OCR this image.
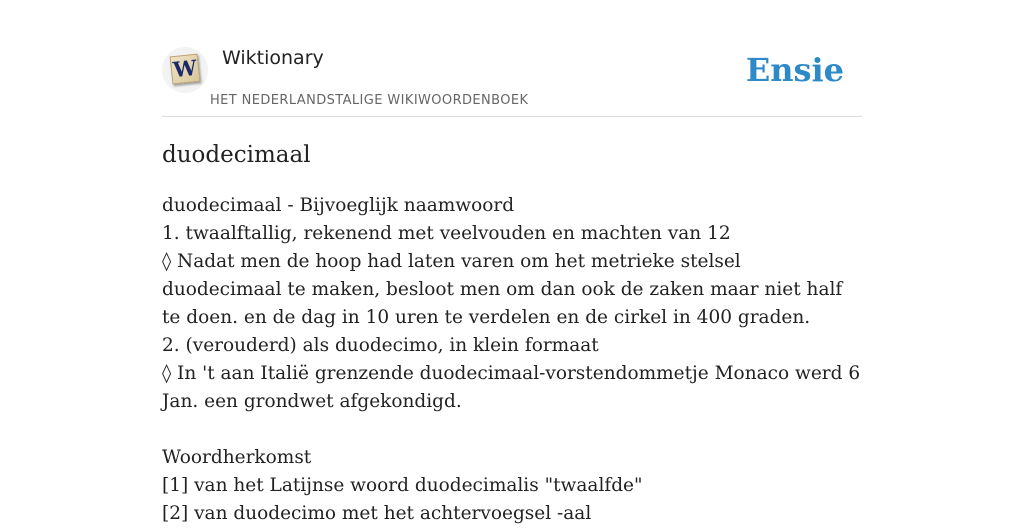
W Wiktionary
HET NEDERLANDSTALIGE WIKIWOORDENBOEK
Ensie
duodecimaal

duodecimaal - Bijvoeglijk naamwoord

1. twaalftallig, rekenend met veelvouden en machten van 12

◊ Nadat men de hoop had laten varen om het metrieke stelsel duodecimaal te maken, besloot men om dan ook de zaken maar niet half te doen. en de dag in 10 uren te verdelen en de cirkel in 400 graden.

2. (verouderd) als duodecimo, in klein formaat

◊ In 't aan Italië grenzende duodecimaal-vorstendommetje Monaco werd 6 Jan. een grondwet afgekondigd.

Woordherkomst

[1] van het Latijnse woord duodecimalis "twaalfde"

[2] van duodecimo met het achtervoegsel -aal
